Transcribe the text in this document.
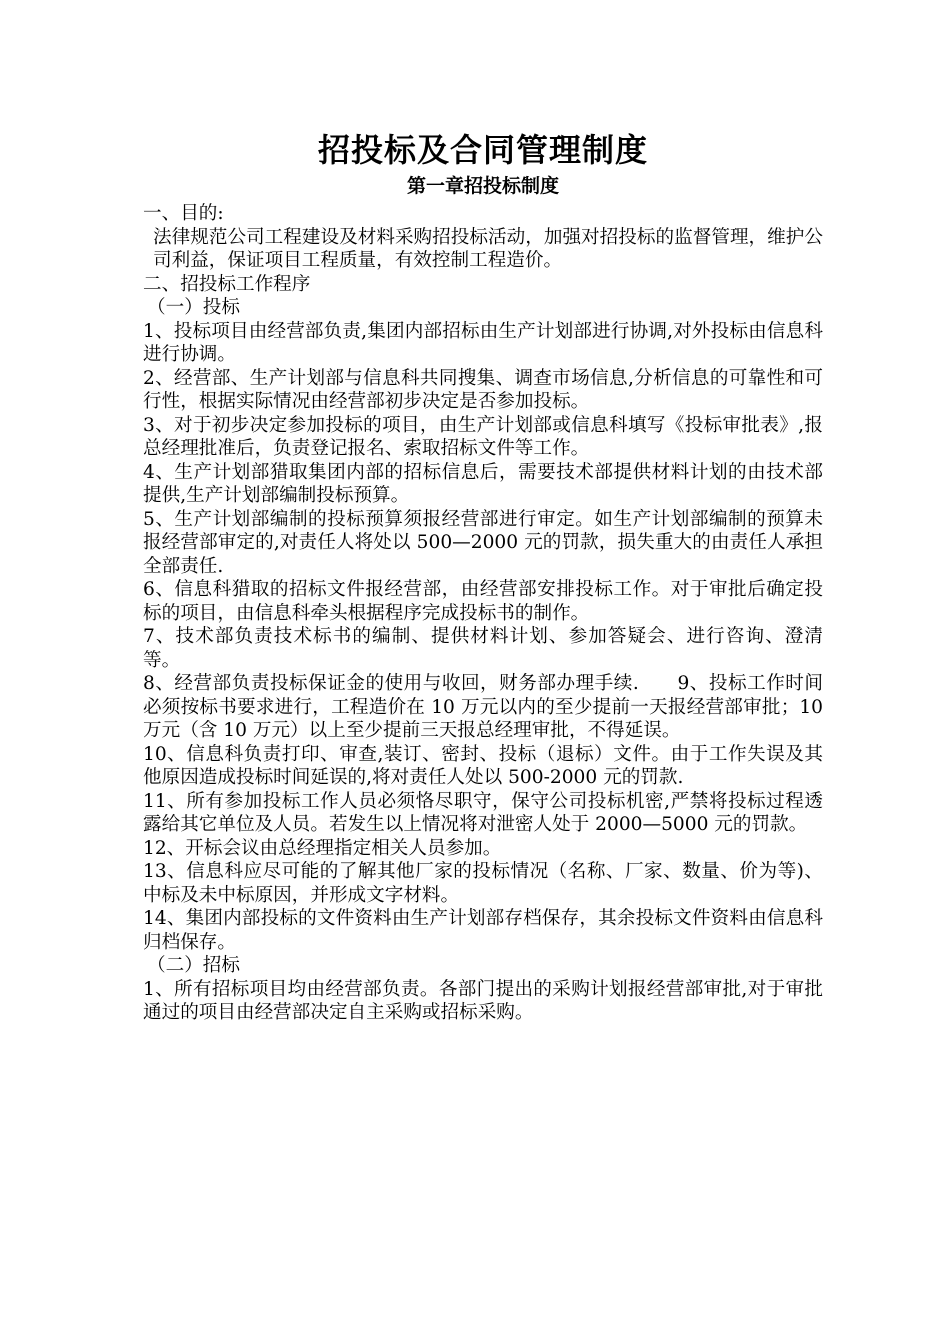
招投标及合同管理制度
第一章招投标制度

一、目的:

法律规范公司工程建设及材料采购招投标活动，加强对招投标的监督管理，维护公司利益，保证项目工程质量，有效控制工程造价。

二、招投标工作程序

（一）投标

1、投标项目由经营部负责,集团内部招标由生产计划部进行协调,对外投标由信息科进行协调。

2、经营部、生产计划部与信息科共同搜集、调查市场信息,分析信息的可靠性和可行性，根据实际情况由经营部初步决定是否参加投标。

3、对于初步决定参加投标的项目，由生产计划部或信息科填写《投标审批表》,报总经理批准后，负责登记报名、索取招标文件等工作。

4、生产计划部猎取集团内部的招标信息后，需要技术部提供材料计划的由技术部提供,生产计划部编制投标预算。

5、生产计划部编制的投标预算须报经营部进行审定。如生产计划部编制的预算未报经营部审定的,对责任人将处以 500—2000 元的罚款，损失重大的由责任人承担全部责任.

6、信息科猎取的招标文件报经营部，由经营部安排投标工作。对于审批后确定投标的项目，由信息科牵头根据程序完成投标书的制作。

7、技术部负责技术标书的编制、提供材料计划、参加答疑会、进行咨询、澄清等。

8、经营部负责投标保证金的使用与收回，财务部办理手续.　　9、投标工作时间必须按标书要求进行，工程造价在 10 万元以内的至少提前一天报经营部审批；10 万元（含 10 万元）以上至少提前三天报总经理审批，不得延误。

10、信息科负责打印、审查,装订、密封、投标（退标）文件。由于工作失误及其他原因造成投标时间延误的,将对责任人处以 500-2000 元的罚款.

11、所有参加投标工作人员必须恪尽职守，保守公司投标机密,严禁将投标过程透露给其它单位及人员。若发生以上情况将对泄密人处于 2000—5000 元的罚款。

12、开标会议由总经理指定相关人员参加。

13、信息科应尽可能的了解其他厂家的投标情况（名称、厂家、数量、价为等)、中标及未中标原因，并形成文字材料。

14、集团内部投标的文件资料由生产计划部存档保存，其余投标文件资料由信息科归档保存。

（二）招标

1、所有招标项目均由经营部负责。各部门提出的采购计划报经营部审批,对于审批通过的项目由经营部决定自主采购或招标采购。
